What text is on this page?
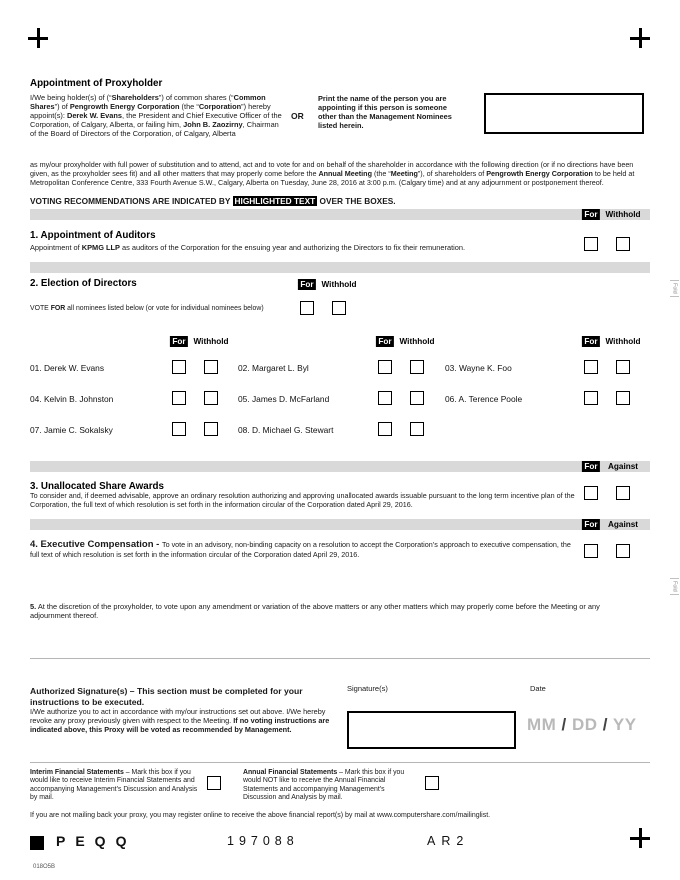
Appointment of Proxyholder
I/We being holder(s) of (“Shareholders”) of common shares (“Common Shares”) of Pengrowth Energy Corporation (the “Corporation”) hereby appoint(s): Derek W. Evans, the President and Chief Executive Officer of the Corporation, of Calgary, Alberta, or failing him, John B. Zaozirny, Chairman of the Board of Directors of the Corporation, of Calgary, Alberta
OR
Print the name of the person you are appointing if this person is someone other than the Management Nominees listed herein.
as my/our proxyholder with full power of substitution and to attend, act and to vote for and on behalf of the shareholder in accordance with the following direction (or if no directions have been given, as the proxyholder sees fit) and all other matters that may properly come before the Annual Meeting (the “Meeting”), of shareholders of Pengrowth Energy Corporation to be held at Metropolitan Conference Centre, 333 Fourth Avenue S.W., Calgary, Alberta on Tuesday, June 28, 2016 at 3:00 p.m. (Calgary time) and at any adjournment or postponement thereof.
VOTING RECOMMENDATIONS ARE INDICATED BY HIGHLIGHTED TEXT OVER THE BOXES.
For Withhold
1. Appointment of Auditors
Appointment of KPMG LLP as auditors of the Corporation for the ensuing year and authorizing the Directors to fix their remuneration.
2. Election of Directors	For Withhold
VOTE FOR all nominees listed below (or vote for individual nominees below)
For Withhold	For Withhold	For Withhold
01. Derek W. Evans	02. Margaret L. Byl	03. Wayne K. Foo
04. Kelvin B. Johnston	05. James D. McFarland	06. A. Terence Poole
07. Jamie C. Sokalsky	08. D. Michael G. Stewart
For	Against
3. Unallocated Share Awards
To consider and, if deemed advisable, approve an ordinary resolution authorizing and approving unallocated awards issuable pursuant to the long term incentive plan of the Corporation, the full text of which resolution is set forth in the information circular of the Corporation dated April 29, 2016.
For	Against
4. Executive Compensation - To vote in an advisory, non-binding capacity on a resolution to accept the Corporation’s approach to executive compensation, the full text of which resolution is set forth in the information circular of the Corporation dated April 29, 2016.
5. At the discretion of the proxyholder, to vote upon any amendment or variation of the above matters or any other matters which may properly come before the Meeting or any adjournment thereof.
Authorized Signature(s) – This section must be completed for your instructions to be executed.
I/We authorize you to act in accordance with my/our instructions set out above. I/We hereby revoke any proxy previously given with respect to the Meeting. If no voting instructions are indicated above, this Proxy will be voted as recommended by Management.
Signature(s)	Date
MM / DD / YY
Interim Financial Statements – Mark this box if you would like to receive Interim Financial Statements and accompanying Management’s Discussion and Analysis by mail.
Annual Financial Statements – Mark this box if you would NOT like to receive the Annual Financial Statements and accompanying Management’s Discussion and Analysis by mail.
If you are not mailing back your proxy, you may register online to receive the above financial report(s) by mail at www.computershare.com/mailinglist.
PEQQ	197088	AR2
018O5B
Fold
Fold
